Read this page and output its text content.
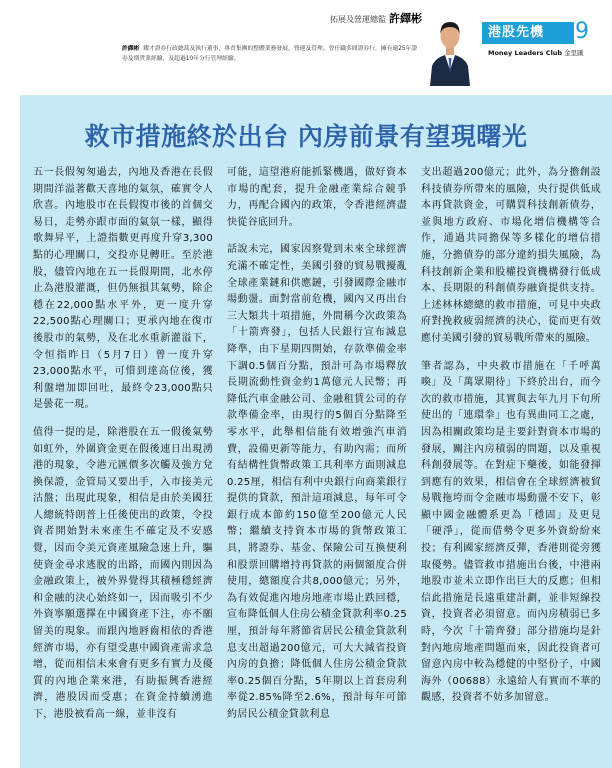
拓展及營運總監 許繹彬
許繹彬 耀才證券行政總裁及執行董事，專責集團的整體業務發展、營運及管理。曾任職多間證券行，擁有逾25年證券及期貨業經驗，及超過10年分行管理經驗。
港股先機	9
Money Leaders Club 金里匯
救市措施終於出台 內房前景有望現曙光

五一長假匆匆過去，內地及香港在長假期間洋溢著歡天喜地的氣氛，確實令人欣喜。內地股市在長假復市後的首個交易日，走勢亦跟市面的氣氛一樣，顯得歌舞昇平，上證指數更再度升穿3,300點的心理關口，交投亦見轉旺。至於港股，儘管內地在五一長假期間，北水停止為港股灌溉，但仍無損其氣勢，除企穩在22,000點水平外，更一度升穿22,500點心理關口；更承內地在復市後股市的氣勢，及在北水重新灌溢下，令恒指昨日（5月7日）曾一度升穿23,000點水平，可惜到達高位後，獲利盤增加即回吐，最終令23,000點只是曇花一現。

值得一提的是，除港股在五一假後氣勢如虹外，外圍資金更在假後連日出現湧港的現象，令港元匯價多次觸及強方兌換保證，金管局又要出手，入市接美元沽盤；出現此現象，相信是由於美國狂人總統特朗普上任後使出的政策，令投資者開始對未來產生不確定及不安感覺，因而令美元資產風險急速上升，驅使資金尋求逃脫的出路，而國內則因為金融政策上，被外界覺得其積極穩經濟和金融的決心始終如一，因而吸引不少外資寧願選擇在中國資產下注，亦不願留美的現象。而跟內地唇齒相依的香港經濟市場，亦有望受惠中國資產需求急增，從而相信未來會有更多有實力及優質的內地企業來港，有助振興香港經濟，港股因而受惠；在資金持續湧進下，港股被看高一線，並非沒有

可能，這望港府能抓緊機遇，做好資本市場的配套，提升金融產業綜合競爭力，再配合國內的政策，令香港經濟盡快從谷底回升。

話說未完，國家因察覺到未來全球經濟充滿不確定性，美國引發的貿易戰擾亂全球產業鏈和供應鏈，引發國際金融市場動盪。面對當前危機，國內又再出台三大類共十項措施，外間稱今次政策為「十箭齊發」，包括人民銀行宣布減息降準，由下星期四開始，存款準備金率下調0.5個百分點，預計可為市場釋放長期流動性資金約1萬億元人民幣；再降低汽車金融公司、金融租賃公司的存款準備金率，由現行的5個百分點降至零水平，此舉相信能有效增強汽車消費，設備更新等能力，有助內需；而所有結構性貨幣政策工具利率方面則減息0.25厘，相信有利中央銀行向商業銀行提供的貸款，預計這項減息，每年可令銀行成本節約150億至200億元人民幣；繼續支持資本市場的貨幣政策工具，將證券、基金、保險公司互換便利和股票回購增持再貸款的兩個額度合併使用，總額度合共8,000億元；另外，為有效促進內地房地產市場止跌回穩，宣布降低個人住房公積金貸款利率0.25厘，預計每年將節省居民公積金貸款利息支出超過200億元，可大大減省投資內房的負擔；降低個人住房公積金貸款率0.25個百分點，5年期以上首套房利率從2.85%降至2.6%，預計每年可節約居民公積金貸款利息

支出超過200億元；此外，為分擔創設科技債券所帶來的風險，央行提供低成本再貸款資金，可購買科技創新債券，並與地方政府、市場化增信機構等合作，通過共同擔保等多樣化的增信措施，分擔債券的部分違約損失風險，為科技創新企業和股權投資機構發行低成本、長期限的科創債券融資提供支持。上述林林總總的救市措施，可見中央政府對挽救疲弱經濟的決心，從而更有效應付美國引發的貿易戰所帶來的風險。

筆者認為，中央救市措施在「千呼萬喚」及「萬眾期待」下終於出台，而今次的救市措施，其實與去年九月下旬所使出的「連環拳」也有異曲同工之處，因為相關政策均是主要針對資本市場的發展，關注內房積弱的問題，以及重視科創發展等。在對症下藥後，如能發揮到應有的效果，相信會在全球經濟被貿易戰拖垮而令金融市場動盪不安下，彰顯中國金融體系更為「穩固」及更見「硬淨」，從而借勢令更多外資紛紛來投；有利國家經濟反彈，香港則從旁獲取優勢。儘管救市措施出台後，中港兩地股市並未立即作出巨大的反應；但相信此措施是長遠重建計劃，並非短線投資，投資者必須留意。而內房積弱已多時，今次「十箭齊發」部分措施均是針對內地房地產問題而來，因此投資者可留意內房中較為穩健的中堅份子，中國海外（00688）永遠給人有實而不華的觀感，投資者不妨多加留意。
